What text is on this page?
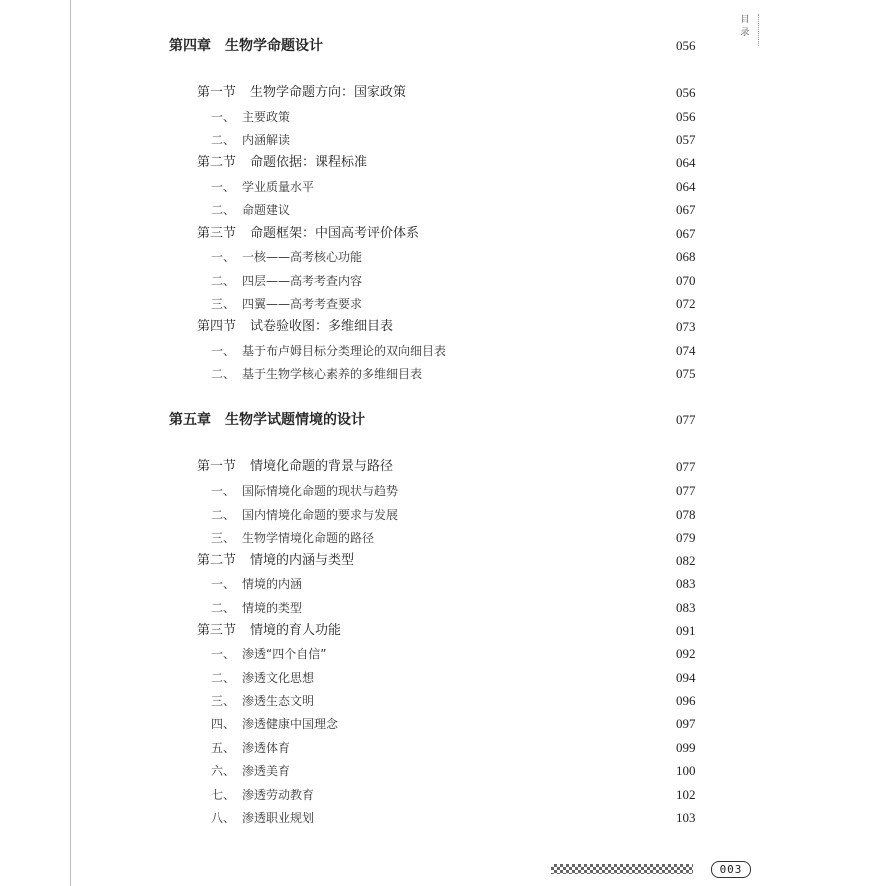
目
录
第四章 生物学命题设计	056
第一节 生物学命题方向：国家政策	056
一、 主要政策	056
二、 内涵解读	057
第二节 命题依据：课程标准	064
一、 学业质量水平	064
二、 命题建议	067
第三节 命题框架：中国高考评价体系	067
一、 一核——高考核心功能	068
二、 四层——高考考查内容	070
三、 四翼——高考考查要求	072
第四节 试卷验收图：多维细目表	073
一、 基于布卢姆目标分类理论的双向细目表	074
二、 基于生物学核心素养的多维细目表	075
第五章 生物学试题情境的设计	077
第一节 情境化命题的背景与路径	077
一、 国际情境化命题的现状与趋势	077
二、 国内情境化命题的要求与发展	078
三、 生物学情境化命题的路径	079
第二节 情境的内涵与类型	082
一、 情境的内涵	083
二、 情境的类型	083
第三节 情境的育人功能	091
一、 渗透“四个自信”	092
二、 渗透文化思想	094
三、 渗透生态文明	096
四、 渗透健康中国理念	097
五、 渗透体育	099
六、 渗透美育	100
七、 渗透劳动教育	102
八、 渗透职业规划	103
003
